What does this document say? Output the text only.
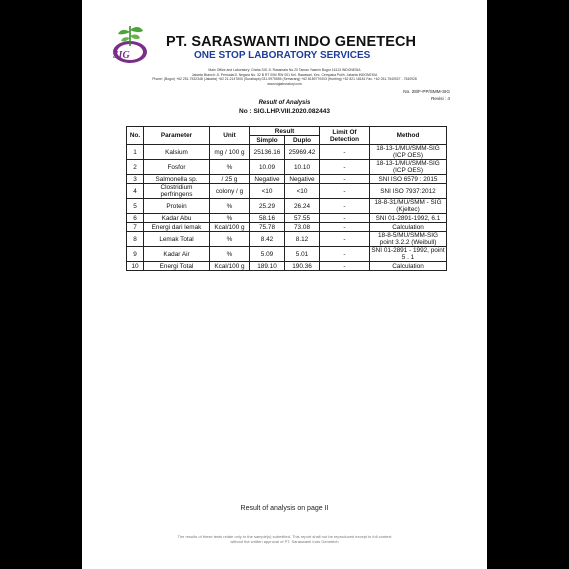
SIG
PT. SARASWANTI INDO GENETECH
ONE STOP LABORATORY SERVICES
Main Office and Laboratory: Graha SIG Jl. Rasamala No.20 Taman Yasmin Bogor 16113 INDONESIA
Jakarta Branch: Jl. Pemuda/Jl. Negara No. 32 B RT 006/ RW 001 Kel. Rawasari, Kec. Cempaka Putih, Jakarta INDONESIA
Phone: (Bogor) +62 251-7532348 (Jakarta) +62 21-2147600 (Surabaya) 031-9975555 (Semarang) +62 8189770003 (Hunting) +62 821 18181 Fax. +62 251-7540927 - 7540928
www.siglaboratory.com
No. 28/F-PP/SMM-SIG
Revisi : 4
Result of Analysis
No : SIG.LHP.VIII.2020.082443
No.	Parameter	Unit	Result		Limit Of Detection	Method
			Simplo	Duplo		
1	Kalsium	mg / 100 g	25136.16	25969.42	-	18-13-1/MU/SMM-SIG (ICP OES)
2	Fosfor	%	10.09	10.10	-	18-13-1/MU/SMM-SIG (ICP OES)
3	Salmonella sp.	/ 25 g	Negative	Negative	-	SNI ISO 6579 : 2015
4	Clostridium perfringens	colony / g	<10	<10	-	SNI ISO 7937:2012
5	Protein	%	25.29	26.24	-	18-8-31/MU/SMM - SIG (Kjeltec)
6	Kadar Abu	%	58.16	57.55	-	SNI 01-2891-1992, 6.1
7	Energi dari lemak	Kcal/100 g	75.78	73.08	-	Calculation
8	Lemak Total	%	8.42	8.12	-	18-8-5/MU/SMM-SIG point 3.2.2 (Weibull)
9	Kadar Air	%	5.09	5.01	-	SNI 01-2891 - 1992, point 5 . 1
10	Energi Total	Kcal/100 g	189.10	190.36	-	Calculation
Result of analysis on page II
The results of these tests relate only to the sample(s) submitted. This report shall not be reproduced except in full context
without the written approval of PT. Saraswanti Indo Genetech
